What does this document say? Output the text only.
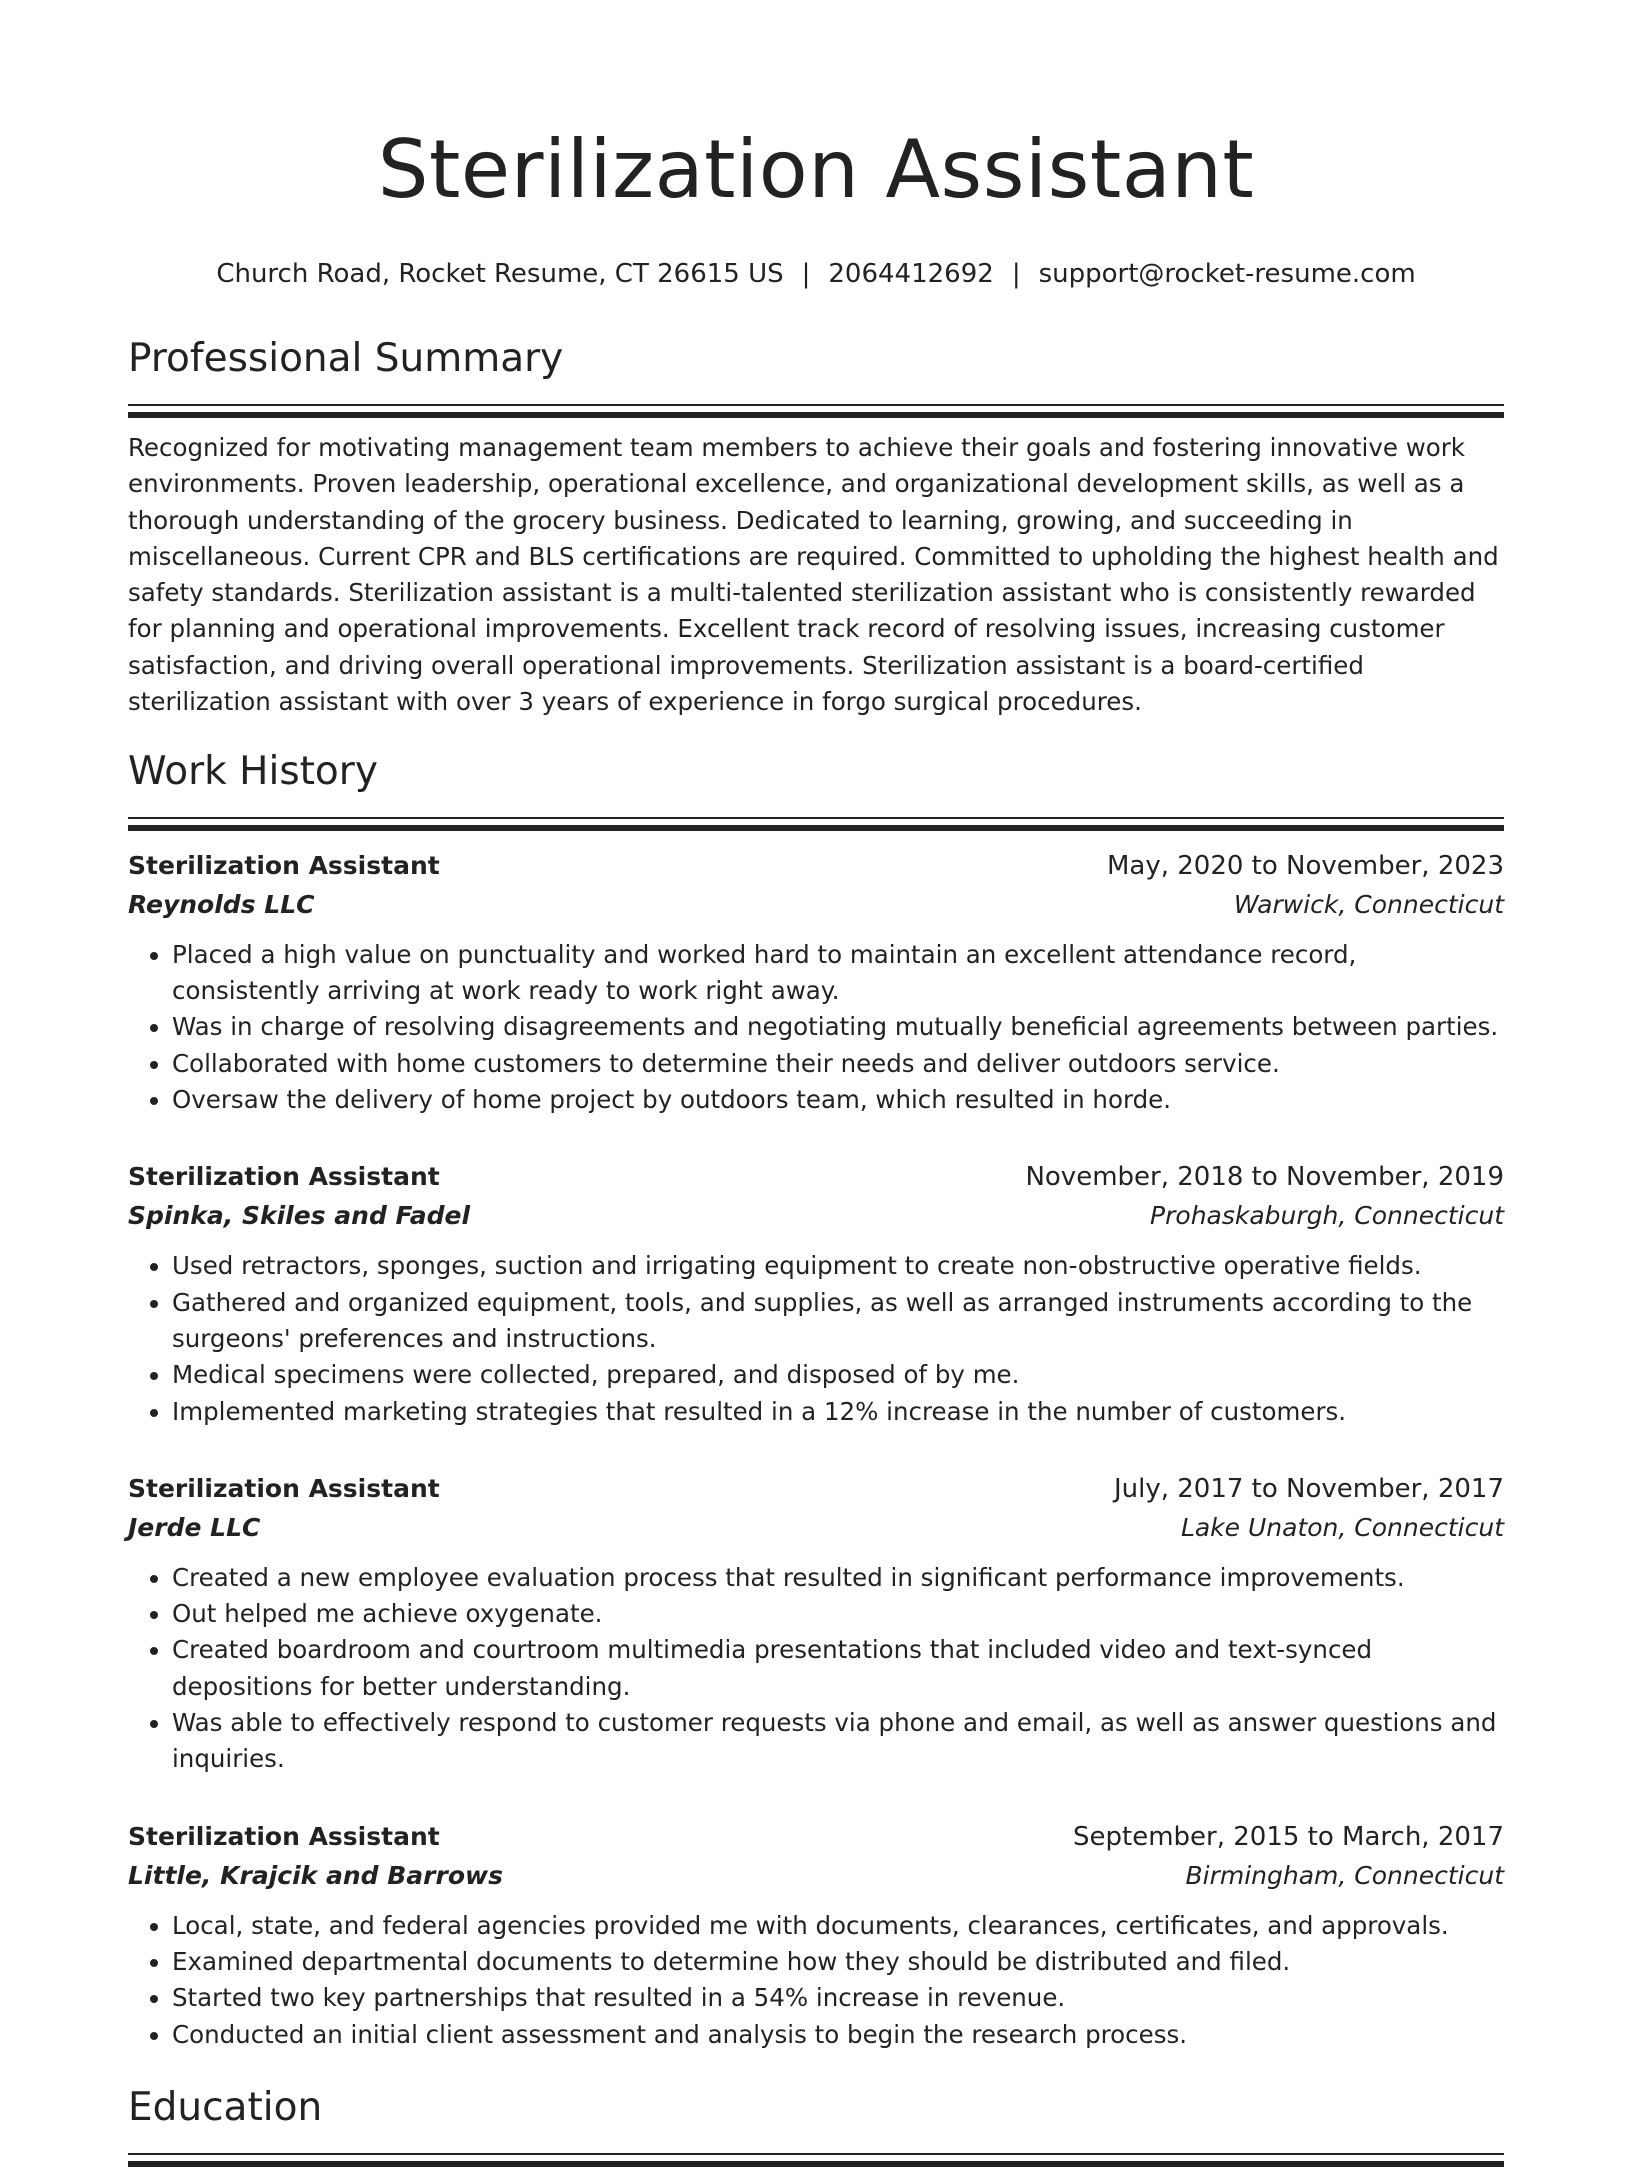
Sterilization Assistant
Church Road, Rocket Resume, CT 26615 US | 2064412692 | support@rocket-resume.com
Professional Summary

Recognized for motivating management team members to achieve their goals and fostering innovative work environments. Proven leadership, operational excellence, and organizational development skills, as well as a thorough understanding of the grocery business. Dedicated to learning, growing, and succeeding in miscellaneous. Current CPR and BLS certifications are required. Committed to upholding the highest health and safety standards. Sterilization assistant is a multi-talented sterilization assistant who is consistently rewarded for planning and operational improvements. Excellent track record of resolving issues, increasing customer satisfaction, and driving overall operational improvements. Sterilization assistant is a board-certified sterilization assistant with over 3 years of experience in forgo surgical procedures.

Work History
Sterilization Assistant	May, 2020 to November, 2023
Reynolds LLC	Warwick, Connecticut
• Placed a high value on punctuality and worked hard to maintain an excellent attendance record, consistently arriving at work ready to work right away.
• Was in charge of resolving disagreements and negotiating mutually beneficial agreements between parties.
• Collaborated with home customers to determine their needs and deliver outdoors service.
• Oversaw the delivery of home project by outdoors team, which resulted in horde.
Sterilization Assistant	November, 2018 to November, 2019
Spinka, Skiles and Fadel	Prohaskaburgh, Connecticut
• Used retractors, sponges, suction and irrigating equipment to create non-obstructive operative fields.
• Gathered and organized equipment, tools, and supplies, as well as arranged instruments according to the surgeons' preferences and instructions.
• Medical specimens were collected, prepared, and disposed of by me.
• Implemented marketing strategies that resulted in a 12% increase in the number of customers.
Sterilization Assistant	July, 2017 to November, 2017
Jerde LLC	Lake Unaton, Connecticut
• Created a new employee evaluation process that resulted in significant performance improvements.
• Out helped me achieve oxygenate.
• Created boardroom and courtroom multimedia presentations that included video and text-synced depositions for better understanding.
• Was able to effectively respond to customer requests via phone and email, as well as answer questions and inquiries.
Sterilization Assistant	September, 2015 to March, 2017
Little, Krajcik and Barrows	Birmingham, Connecticut
• Local, state, and federal agencies provided me with documents, clearances, certificates, and approvals.
• Examined departmental documents to determine how they should be distributed and filed.
• Started two key partnerships that resulted in a 54% increase in revenue.
• Conducted an initial client assessment and analysis to begin the research process.
Education
